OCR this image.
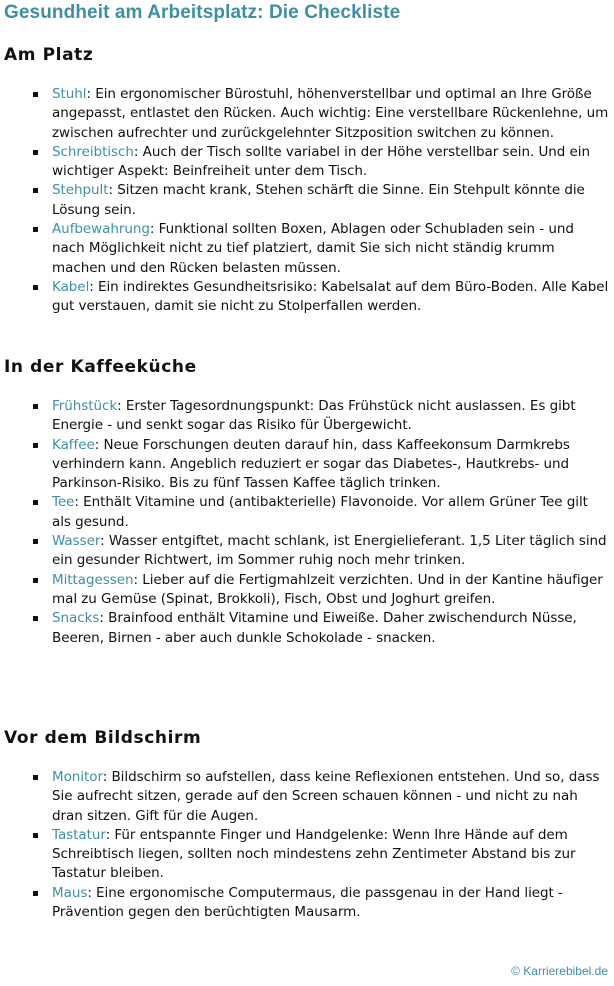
Gesundheit am Arbeitsplatz: Die Checkliste
Am Platz
Stuhl: Ein ergonomischer Bürostuhl, höhenverstellbar und optimal an Ihre Größe angepasst, entlastet den Rücken. Auch wichtig: Eine verstellbare Rückenlehne, um zwischen aufrechter und zurückgelehnter Sitzposition switchen zu können.
Schreibtisch: Auch der Tisch sollte variabel in der Höhe verstellbar sein. Und ein wichtiger Aspekt: Beinfreiheit unter dem Tisch.
Stehpult: Sitzen macht krank, Stehen schärft die Sinne. Ein Stehpult könnte die Lösung sein.
Aufbewahrung: Funktional sollten Boxen, Ablagen oder Schubladen sein - und nach Möglichkeit nicht zu tief platziert, damit Sie sich nicht ständig krumm machen und den Rücken belasten müssen.
Kabel: Ein indirektes Gesundheitsrisiko: Kabelsalat auf dem Büro-Boden. Alle Kabel gut verstauen, damit sie nicht zu Stolperfallen werden.
In der Kaffeeküche
Frühstück: Erster Tagesordnungspunkt: Das Frühstück nicht auslassen. Es gibt Energie - und senkt sogar das Risiko für Übergewicht.
Kaffee: Neue Forschungen deuten darauf hin, dass Kaffeekonsum Darmkrebs verhindern kann. Angeblich reduziert er sogar das Diabetes-, Hautkrebs- und Parkinson-Risiko. Bis zu fünf Tassen Kaffee täglich trinken.
Tee: Enthält Vitamine und (antibakterielle) Flavonoide. Vor allem Grüner Tee gilt als gesund.
Wasser: Wasser entgiftet, macht schlank, ist Energielieferant. 1,5 Liter täglich sind ein gesunder Richtwert, im Sommer ruhig noch mehr trinken.
Mittagessen: Lieber auf die Fertigmahlzeit verzichten. Und in der Kantine häufiger mal zu Gemüse (Spinat, Brokkoli), Fisch, Obst und Joghurt greifen.
Snacks: Brainfood enthält Vitamine und Eiweiße. Daher zwischendurch Nüsse, Beeren, Birnen - aber auch dunkle Schokolade - snacken.
Vor dem Bildschirm
Monitor: Bildschirm so aufstellen, dass keine Reflexionen entstehen. Und so, dass Sie aufrecht sitzen, gerade auf den Screen schauen können - und nicht zu nah dran sitzen. Gift für die Augen.
Tastatur: Für entspannte Finger und Handgelenke: Wenn Ihre Hände auf dem Schreibtisch liegen, sollten noch mindestens zehn Zentimeter Abstand bis zur Tastatur bleiben.
Maus: Eine ergonomische Computermaus, die passgenau in der Hand liegt - Prävention gegen den berüchtigten Mausarm.

© Karrierebibel.de
